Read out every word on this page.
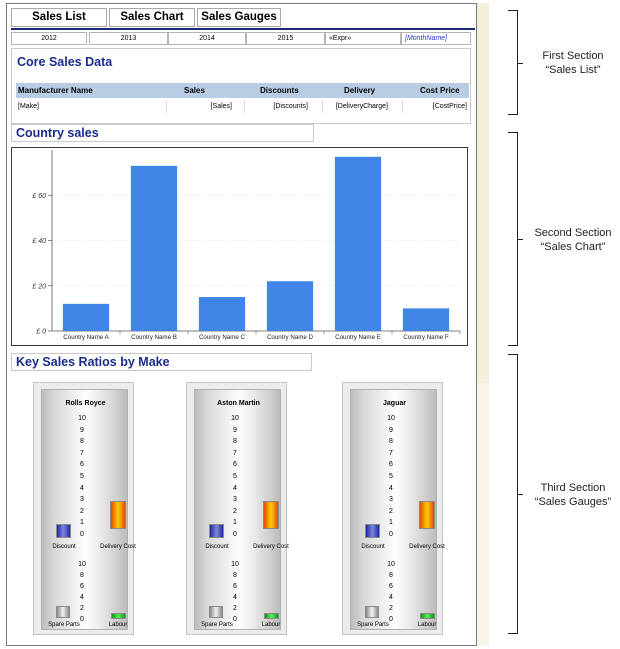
Sales List	Sales Chart	Sales Gauges
2012	2013	2014	2015	«Expr»	[MonthName]
Core Sales Data
Manufacturer Name	Sales	Discounts	Delivery	Cost Price
[Make]	[Sales]	[Discounts]	[DeliveryCharge]	[CostPrice]
Country sales
£ 0
£ 20
£ 40
£ 60
Country Name A	Country Name B	Country Name C	Country Name D	Country Name E	Country Name F
Key Sales Ratios by Make
Rolls Royce
10
9
8
7
6
5
4
3
2
1
0
Discount	Delivery Cost
10
8
6
4
2
0
Spare Parts	Labour
Aston Martin
10
9
8
7
6
5
4
3
2
1
0
Discount	Delivery Cost
10
8
6
4
2
0
Spare Parts	Labour
Jaguar
10
9
8
7
6
5
4
3
2
1
0
Discount	Delivery Cost
10
8
6
4
2
0
Spare Parts	Labour
First Section
“Sales List”
Second Section
“Sales Chart”
Third Section
“Sales Gauges”
